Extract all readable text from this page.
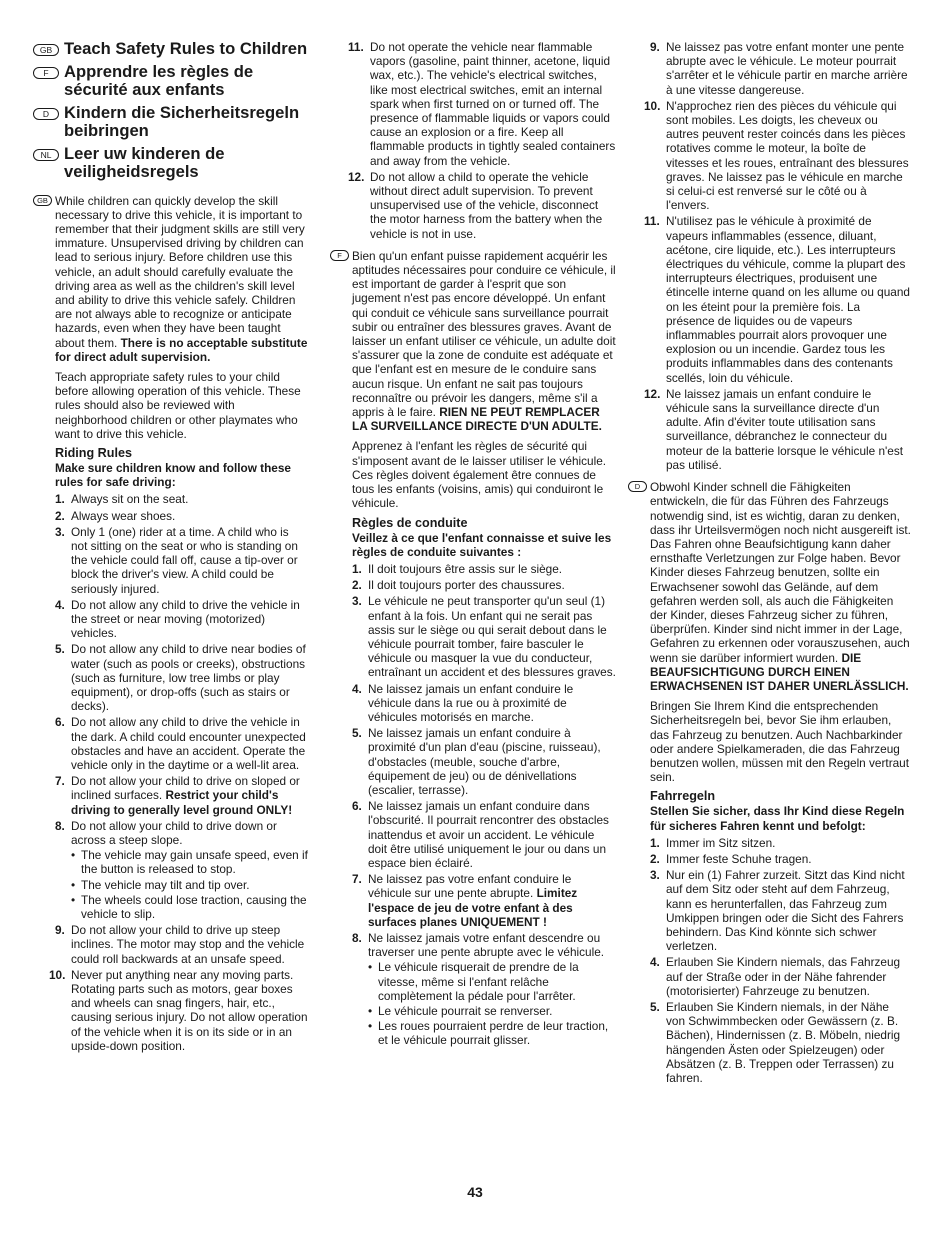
GB Teach Safety Rules to Children
F Apprendre les règles de sécurité aux enfants
D Kindern die Sicherheitsregeln beibringen
NL Leer uw kinderen de veiligheidsregels
GB While children can quickly develop the skill necessary to drive this vehicle, it is important to remember that their judgment skills are still very immature. Unsupervised driving by children can lead to serious injury. Before children use this vehicle, an adult should carefully evaluate the driving area as well as the children's skill level and ability to drive this vehicle safely. Children are not always able to recognize or anticipate hazards, even when they have been taught about them. There is no acceptable substitute for direct adult supervision.

Teach appropriate safety rules to your child before allowing operation of this vehicle. These rules should also be reviewed with neighborhood children or other playmates who want to drive this vehicle.

Riding Rules

Make sure children know and follow these rules for safe driving:

1. Always sit on the seat.
2. Always wear shoes.
3. Only 1 (one) rider at a time. A child who is not sitting on the seat or who is standing on the vehicle could fall off, cause a tip-over or block the driver's view. A child could be seriously injured.
4. Do not allow any child to drive the vehicle in the street or near moving (motorized) vehicles.
5. Do not allow any child to drive near bodies of water (such as pools or creeks), obstructions (such as furniture, low tree limbs or play equipment), or drop-offs (such as stairs or decks).
6. Do not allow any child to drive the vehicle in the dark. A child could encounter unexpected obstacles and have an accident. Operate the vehicle only in the daytime or a well-lit area.
7. Do not allow your child to drive on sloped or inclined surfaces. Restrict your child's driving to generally level ground ONLY!
8. Do not allow your child to drive down or across a steep slope.
• The vehicle may gain unsafe speed, even if the button is released to stop.
• The vehicle may tilt and tip over.
• The wheels could lose traction, causing the vehicle to slip.
9. Do not allow your child to drive up steep inclines. The motor may stop and the vehicle could roll backwards at an unsafe speed.
10. Never put anything near any moving parts. Rotating parts such as motors, gear boxes and wheels can snag fingers, hair, etc., causing serious injury. Do not allow operation of the vehicle when it is on its side or in an upside-down position.
11. Do not operate the vehicle near flammable vapors (gasoline, paint thinner, acetone, liquid wax, etc.). The vehicle's electrical switches, like most electrical switches, emit an internal spark when first turned on or turned off. The presence of flammable liquids or vapors could cause an explosion or a fire. Keep all flammable products in tightly sealed containers and away from the vehicle.
12. Do not allow a child to operate the vehicle without direct adult supervision. To prevent unsupervised use of the vehicle, disconnect the motor harness from the battery when the vehicle is not in use.
F Bien qu'un enfant puisse rapidement acquérir les aptitudes nécessaires pour conduire ce véhicule, il est important de garder à l'esprit que son jugement n'est pas encore développé. Un enfant qui conduit ce véhicule sans surveillance pourrait subir ou entraîner des blessures graves. Avant de laisser un enfant utiliser ce véhicule, un adulte doit s'assurer que la zone de conduite est adéquate et que l'enfant est en mesure de le conduire sans aucun risque. Un enfant ne sait pas toujours reconnaître ou prévoir les dangers, même s'il a appris à le faire. RIEN NE PEUT REMPLACER LA SURVEILLANCE DIRECTE D'UN ADULTE.

Apprenez à l'enfant les règles de sécurité qui s'imposent avant de le laisser utiliser le véhicule. Ces règles doivent également être connues de tous les enfants (voisins, amis) qui conduiront le véhicule.

Règles de conduite

Veillez à ce que l'enfant connaisse et suive les règles de conduite suivantes :

1. Il doit toujours être assis sur le siège.
2. Il doit toujours porter des chaussures.
3. Le véhicule ne peut transporter qu'un seul (1) enfant à la fois. Un enfant qui ne serait pas assis sur le siège ou qui serait debout dans le véhicule pourrait tomber, faire basculer le véhicule ou masquer la vue du conducteur, entraînant un accident et des blessures graves.
4. Ne laissez jamais un enfant conduire le véhicule dans la rue ou à proximité de véhicules motorisés en marche.
5. Ne laissez jamais un enfant conduire à proximité d'un plan d'eau (piscine, ruisseau), d'obstacles (meuble, souche d'arbre, équipement de jeu) ou de dénivellations (escalier, terrasse).
6. Ne laissez jamais un enfant conduire dans l'obscurité. Il pourrait rencontrer des obstacles inattendus et avoir un accident. Le véhicule doit être utilisé uniquement le jour ou dans un espace bien éclairé.
7. Ne laissez pas votre enfant conduire le véhicule sur une pente abrupte. Limitez l'espace de jeu de votre enfant à des surfaces planes UNIQUEMENT !
8. Ne laissez jamais votre enfant descendre ou traverser une pente abrupte avec le véhicule.
• Le véhicule risquerait de prendre de la vitesse, même si l'enfant relâche complètement la pédale pour l'arrêter.
• Le véhicule pourrait se renverser.
• Les roues pourraient perdre de leur traction, et le véhicule pourrait glisser.
9. Ne laissez pas votre enfant monter une pente abrupte avec le véhicule. Le moteur pourrait s'arrêter et le véhicule partir en marche arrière à une vitesse dangereuse.
10. N'approchez rien des pièces du véhicule qui sont mobiles. Les doigts, les cheveux ou autres peuvent rester coincés dans les pièces rotatives comme le moteur, la boîte de vitesses et les roues, entraînant des blessures graves. Ne laissez pas le véhicule en marche si celui-ci est renversé sur le côté ou à l'envers.
11. N'utilisez pas le véhicule à proximité de vapeurs inflammables (essence, diluant, acétone, cire liquide, etc.). Les interrupteurs électriques du véhicule, comme la plupart des interrupteurs électriques, produisent une étincelle interne quand on les allume ou quand on les éteint pour la première fois. La présence de liquides ou de vapeurs inflammables pourrait alors provoquer une explosion ou un incendie. Gardez tous les produits inflammables dans des contenants scellés, loin du véhicule.
12. Ne laissez jamais un enfant conduire le véhicule sans la surveillance directe d'un adulte. Afin d'éviter toute utilisation sans surveillance, débranchez le connecteur du moteur de la batterie lorsque le véhicule n'est pas utilisé.
D Obwohl Kinder schnell die Fähigkeiten entwickeln, die für das Führen des Fahrzeugs notwendig sind, ist es wichtig, daran zu denken, dass ihr Urteilsvermögen noch nicht ausgereift ist. Das Fahren ohne Beaufsichtigung kann daher ernsthafte Verletzungen zur Folge haben. Bevor Kinder dieses Fahrzeug benutzen, sollte ein Erwachsener sowohl das Gelände, auf dem gefahren werden soll, als auch die Fähigkeiten der Kinder, dieses Fahrzeug sicher zu führen, überprüfen. Kinder sind nicht immer in der Lage, Gefahren zu erkennen oder vorauszusehen, auch wenn sie darüber informiert wurden. DIE BEAUFSICHTIGUNG DURCH EINEN ERWACHSENEN IST DAHER UNERLÄSSLICH.

Bringen Sie Ihrem Kind die entsprechenden Sicherheitsregeln bei, bevor Sie ihm erlauben, das Fahrzeug zu benutzen. Auch Nachbarkinder oder andere Spielkameraden, die das Fahrzeug benutzen wollen, müssen mit den Regeln vertraut sein.

Fahrregeln

Stellen Sie sicher, dass Ihr Kind diese Regeln für sicheres Fahren kennt und befolgt:

1. Immer im Sitz sitzen.
2. Immer feste Schuhe tragen.
3. Nur ein (1) Fahrer zurzeit. Sitzt das Kind nicht auf dem Sitz oder steht auf dem Fahrzeug, kann es herunterfallen, das Fahrzeug zum Umkippen bringen oder die Sicht des Fahrers behindern. Das Kind könnte sich schwer verletzen.
4. Erlauben Sie Kindern niemals, das Fahrzeug auf der Straße oder in der Nähe fahrender (motorisierter) Fahrzeuge zu benutzen.
5. Erlauben Sie Kindern niemals, in der Nähe von Schwimmbecken oder Gewässern (z. B. Bächen), Hindernissen (z. B. Möbeln, niedrig hängenden Ästen oder Spielzeugen) oder Absätzen (z. B. Treppen oder Terrassen) zu fahren.
43
